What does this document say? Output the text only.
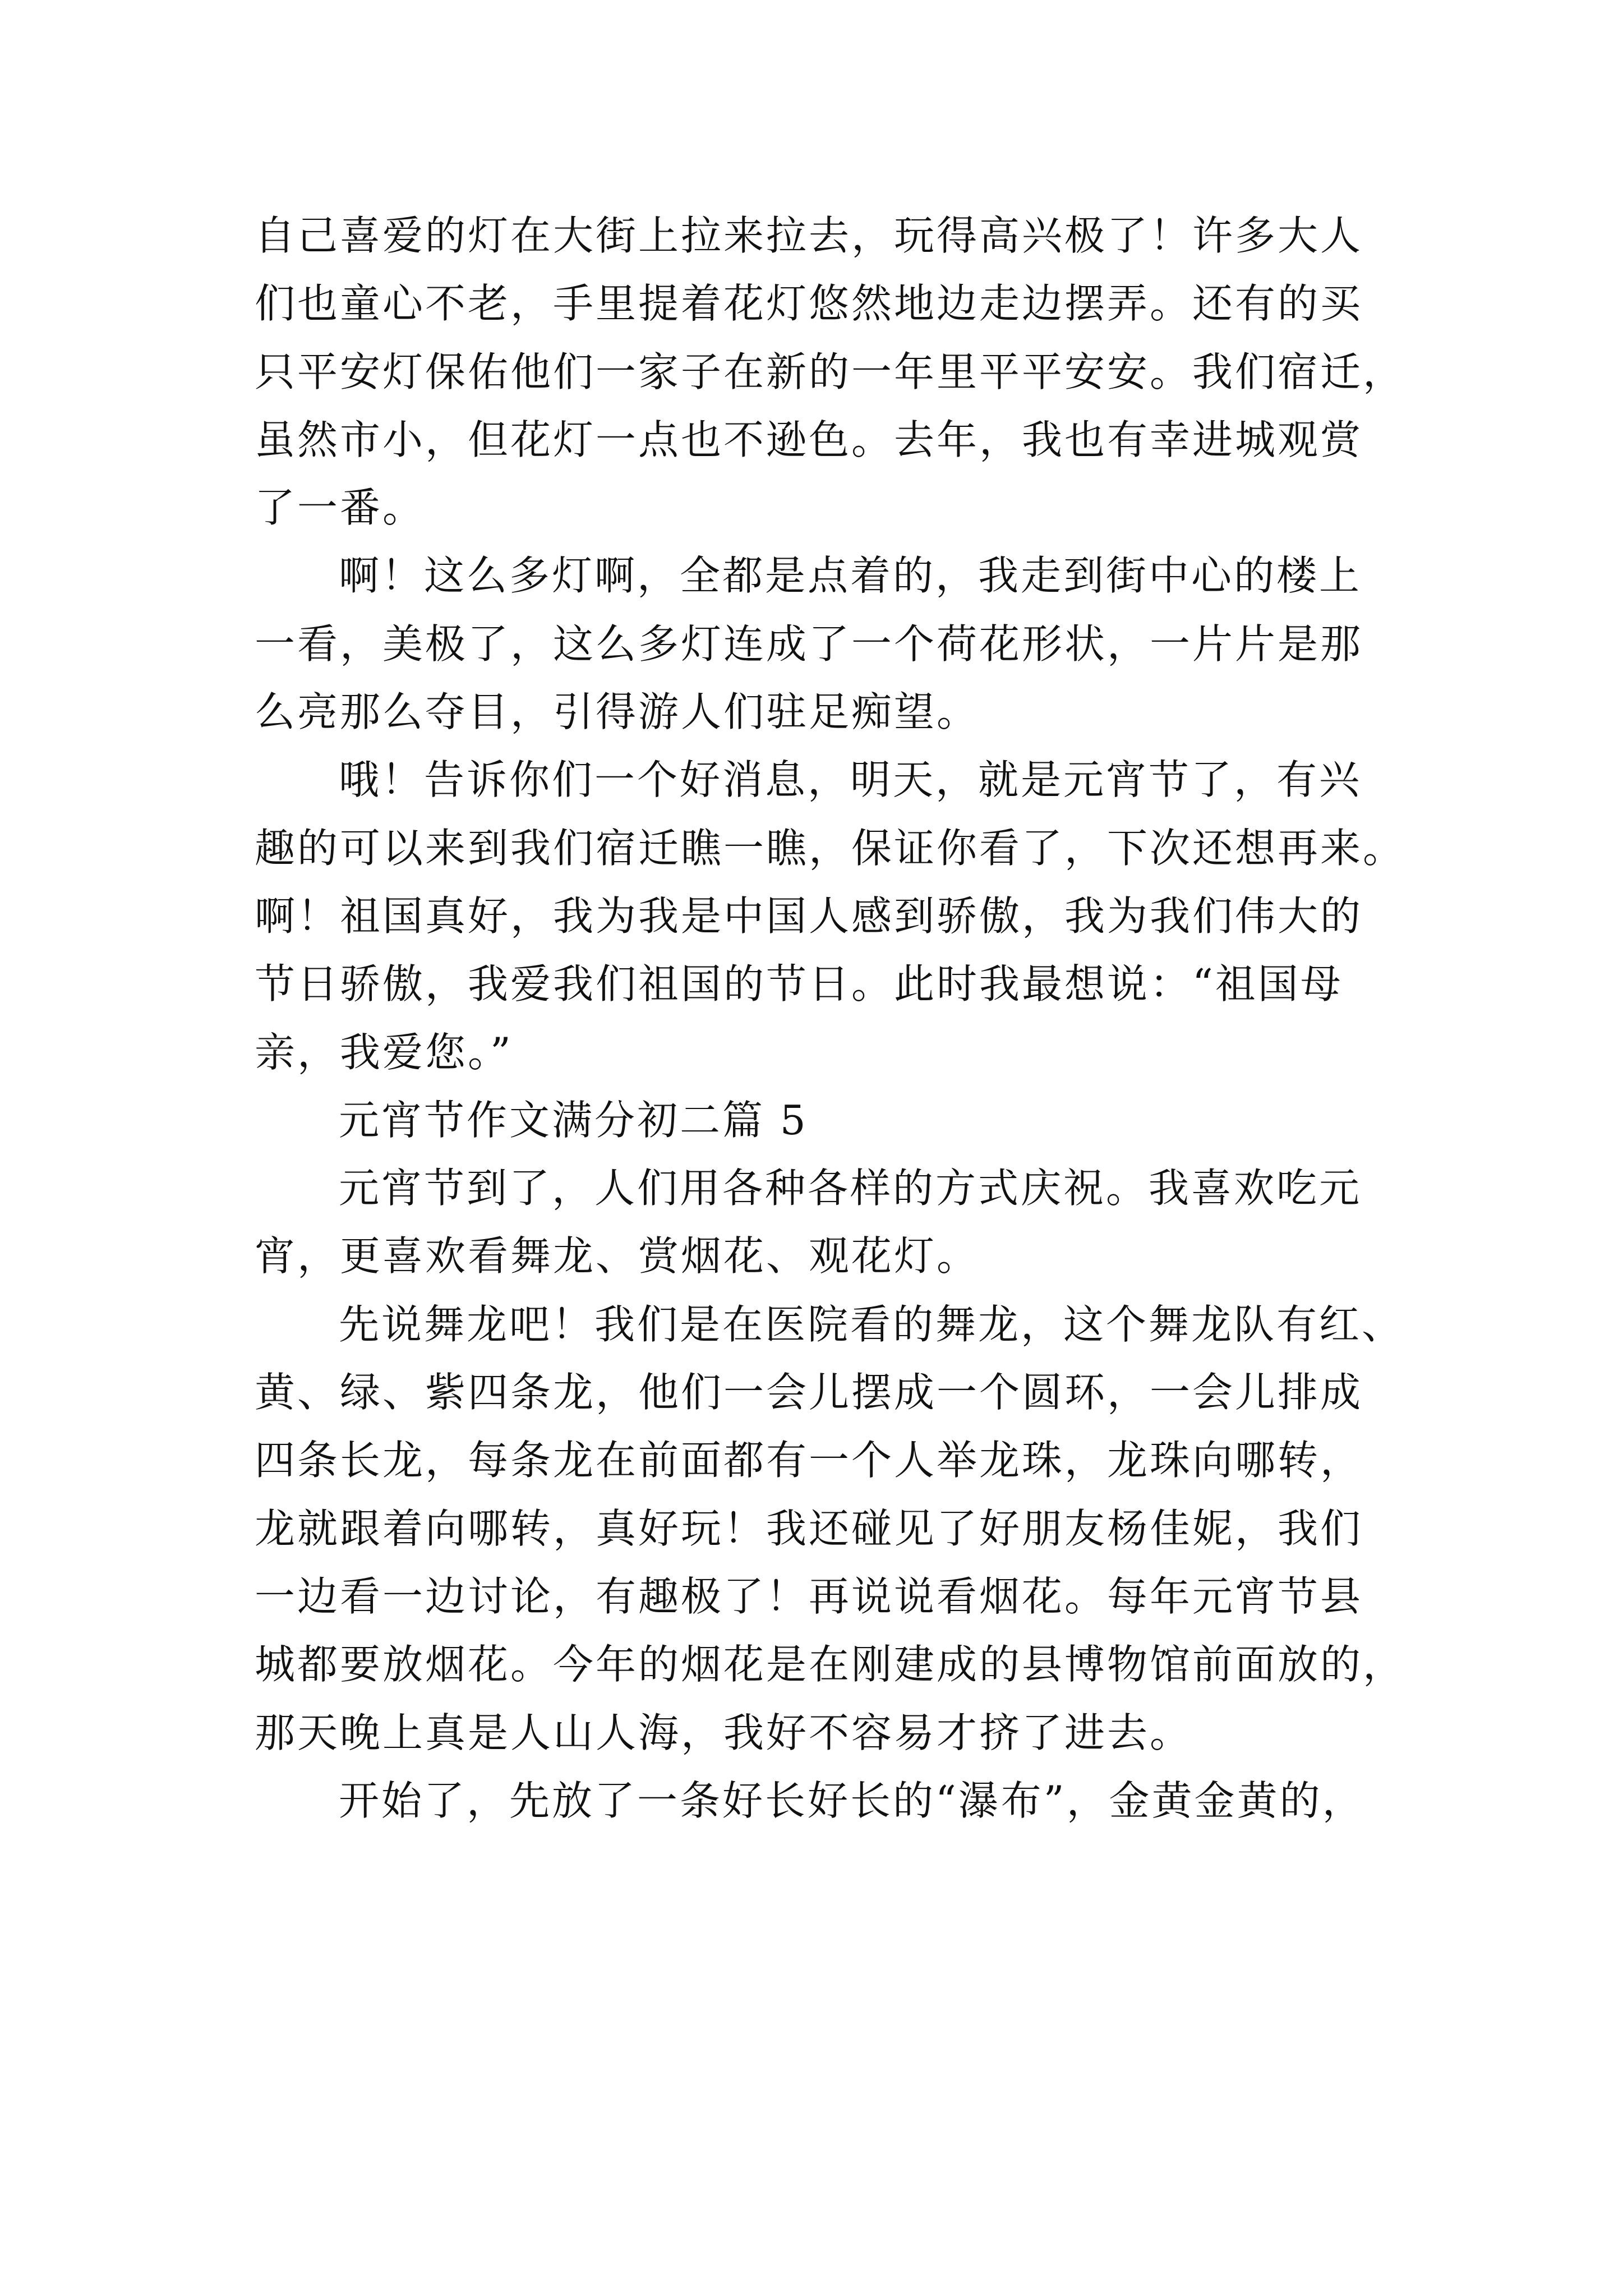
自己喜爱的灯在大街上拉来拉去，玩得高兴极了！许多大人
们也童心不老，手里提着花灯悠然地边走边摆弄。还有的买
只平安灯保佑他们一家子在新的一年里平平安安。我们宿迁，
虽然市小，但花灯一点也不逊色。去年，我也有幸进城观赏
了一番。
啊！这么多灯啊，全都是点着的，我走到街中心的楼上
一看，美极了，这么多灯连成了一个荷花形状，一片片是那
么亮那么夺目，引得游人们驻足痴望。
哦！告诉你们一个好消息，明天，就是元宵节了，有兴
趣的可以来到我们宿迁瞧一瞧，保证你看了，下次还想再来。
啊！祖国真好，我为我是中国人感到骄傲，我为我们伟大的
节日骄傲，我爱我们祖国的节日。此时我最想说：“祖国母
亲，我爱您。”
元宵节作文满分初二篇 5
元宵节到了，人们用各种各样的方式庆祝。我喜欢吃元
宵，更喜欢看舞龙、赏烟花、观花灯。
先说舞龙吧！我们是在医院看的舞龙，这个舞龙队有红、
黄、绿、紫四条龙，他们一会儿摆成一个圆环，一会儿排成
四条长龙，每条龙在前面都有一个人举龙珠，龙珠向哪转，
龙就跟着向哪转，真好玩！我还碰见了好朋友杨佳妮，我们
一边看一边讨论，有趣极了！再说说看烟花。每年元宵节县
城都要放烟花。今年的烟花是在刚建成的县博物馆前面放的，
那天晚上真是人山人海，我好不容易才挤了进去。
开始了，先放了一条好长好长的“瀑布”，金黄金黄的，
